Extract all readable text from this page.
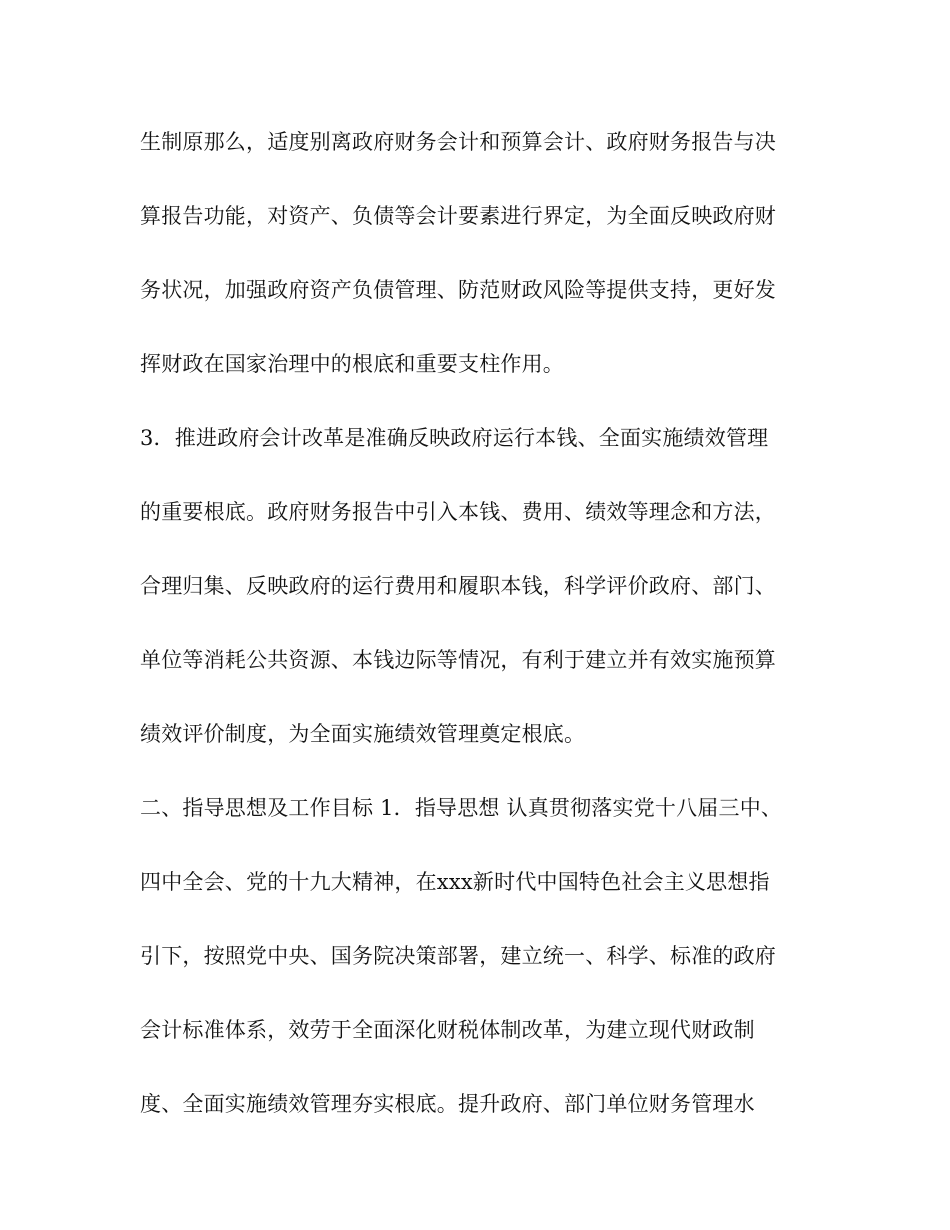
生制原那么，适度别离政府财务会计和预算会计、政府财务报告与决
算报告功能，对资产、负债等会计要素进行界定，为全面反映政府财
务状况，加强政府资产负债管理、防范财政风险等提供支持，更好发
挥财政在国家治理中的根底和重要支柱作用。
3．推进政府会计改革是准确反映政府运行本钱、全面实施绩效管理
的重要根底。政府财务报告中引入本钱、费用、绩效等理念和方法，
合理归集、反映政府的运行费用和履职本钱，科学评价政府、部门、
单位等消耗公共资源、本钱边际等情况，有利于建立并有效实施预算
绩效评价制度，为全面实施绩效管理奠定根底。
二、指导思想及工作目标 1．指导思想 认真贯彻落实党十八届三中、
四中全会、党的十九大精神，在xxx新时代中国特色社会主义思想指
引下，按照党中央、国务院决策部署，建立统一、科学、标准的政府
会计标准体系，效劳于全面深化财税体制改革，为建立现代财政制
度、全面实施绩效管理夯实根底。提升政府、部门单位财务管理水
